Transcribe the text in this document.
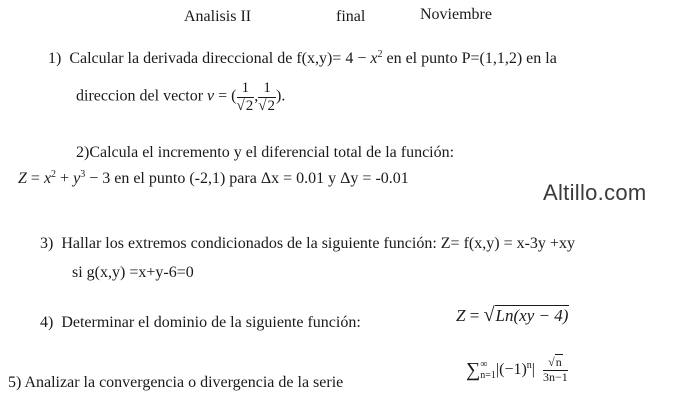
Analisis II	final	Noviembre
1) Calcular la derivada direccional de $f(x,y)= 4 - x^2$ en el punto P=(1,1,2) en la
direccion del vector v = ( $\frac{1}{√2}$ , $\frac{1}{√2}$ ).
2)Calcula el incremento y el diferencial total de la función:
$Z = x^2 + y^3 - 3$ en el punto (-2,1) para Δx = 0.01 y Δy = -0.01
Altillo.com
3) Hallar los extremos condicionados de la siguiente función: Z= f(x,y) = x-3y +xy
si g(x,y) =x+y-6=0
4) Determinar el dominio de la siguiente función:	Z = √Ln(xy − 4)
5) Analizar la convergencia o divergencia de la serie
∑ ∞
n=1 $|(-1)^n| \frac{√n}{3n-1}$
